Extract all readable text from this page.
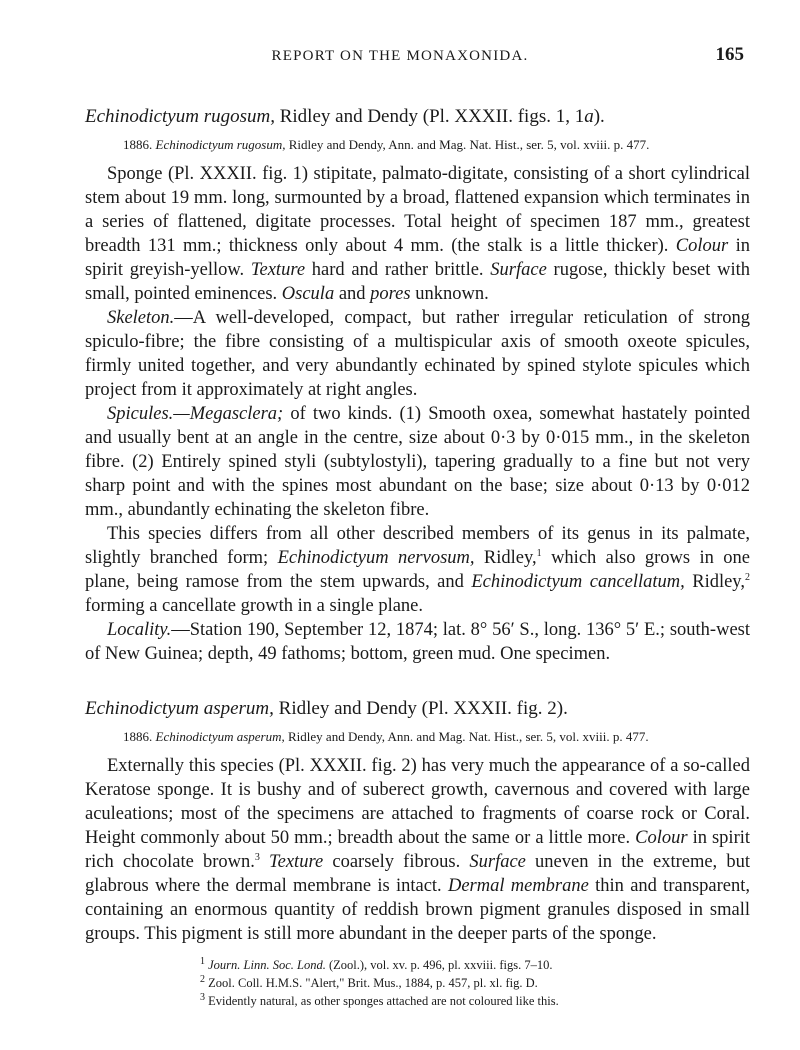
REPORT ON THE MONAXONIDA.	165
Echinodictyum rugosum, Ridley and Dendy (Pl. XXXII. figs. 1, 1a).
1886. Echinodictyum rugosum, Ridley and Dendy, Ann. and Mag. Nat. Hist., ser. 5, vol. xviii. p. 477.

Sponge (Pl. XXXII. fig. 1) stipitate, palmato-digitate, consisting of a short cylindrical stem about 19 mm. long, surmounted by a broad, flattened expansion which terminates in a series of flattened, digitate processes. Total height of specimen 187 mm., greatest breadth 131 mm.; thickness only about 4 mm. (the stalk is a little thicker). Colour in spirit greyish-yellow. Texture hard and rather brittle. Surface rugose, thickly beset with small, pointed eminences. Oscula and pores unknown.

Skeleton.—A well-developed, compact, but rather irregular reticulation of strong spiculo-fibre; the fibre consisting of a multispicular axis of smooth oxeote spicules, firmly united together, and very abundantly echinated by spined stylote spicules which project from it approximately at right angles.

Spicules.—Megasclera; of two kinds. (1) Smooth oxea, somewhat hastately pointed and usually bent at an angle in the centre, size about 0·3 by 0·015 mm., in the skeleton fibre. (2) Entirely spined styli (subtylostyli), tapering gradually to a fine but not very sharp point and with the spines most abundant on the base; size about 0·13 by 0·012 mm., abundantly echinating the skeleton fibre.

This species differs from all other described members of its genus in its palmate, slightly branched form; Echinodictyum nervosum, Ridley,$^1$ which also grows in one plane, being ramose from the stem upwards, and Echinodictyum cancellatum, Ridley,$^2$ forming a cancellate growth in a single plane.

Locality.—Station 190, September 12, 1874; lat. 8° 56′ S., long. 136° 5′ E.; south-west of New Guinea; depth, 49 fathoms; bottom, green mud. One specimen.

Echinodictyum asperum, Ridley and Dendy (Pl. XXXII. fig. 2).
1886. Echinodictyum asperum, Ridley and Dendy, Ann. and Mag. Nat. Hist., ser. 5, vol. xviii. p. 477.

Externally this species (Pl. XXXII. fig. 2) has very much the appearance of a so-called Keratose sponge. It is bushy and of suberect growth, cavernous and covered with large aculeations; most of the specimens are attached to fragments of coarse rock or Coral. Height commonly about 50 mm.; breadth about the same or a little more. Colour in spirit rich chocolate brown.$^3$ Texture coarsely fibrous. Surface uneven in the extreme, but glabrous where the dermal membrane is intact. Dermal membrane thin and transparent, containing an enormous quantity of reddish brown pigment granules disposed in small groups. This pigment is still more abundant in the deeper parts of the sponge.

$^1$ Journ. Linn. Soc. Lond. (Zool.), vol. xv. p. 496, pl. xxviii. figs. 7–10.

$^2$ Zool. Coll. H.M.S. "Alert," Brit. Mus., 1884, p. 457, pl. xl. fig. D.

$^3$ Evidently natural, as other sponges attached are not coloured like this.
